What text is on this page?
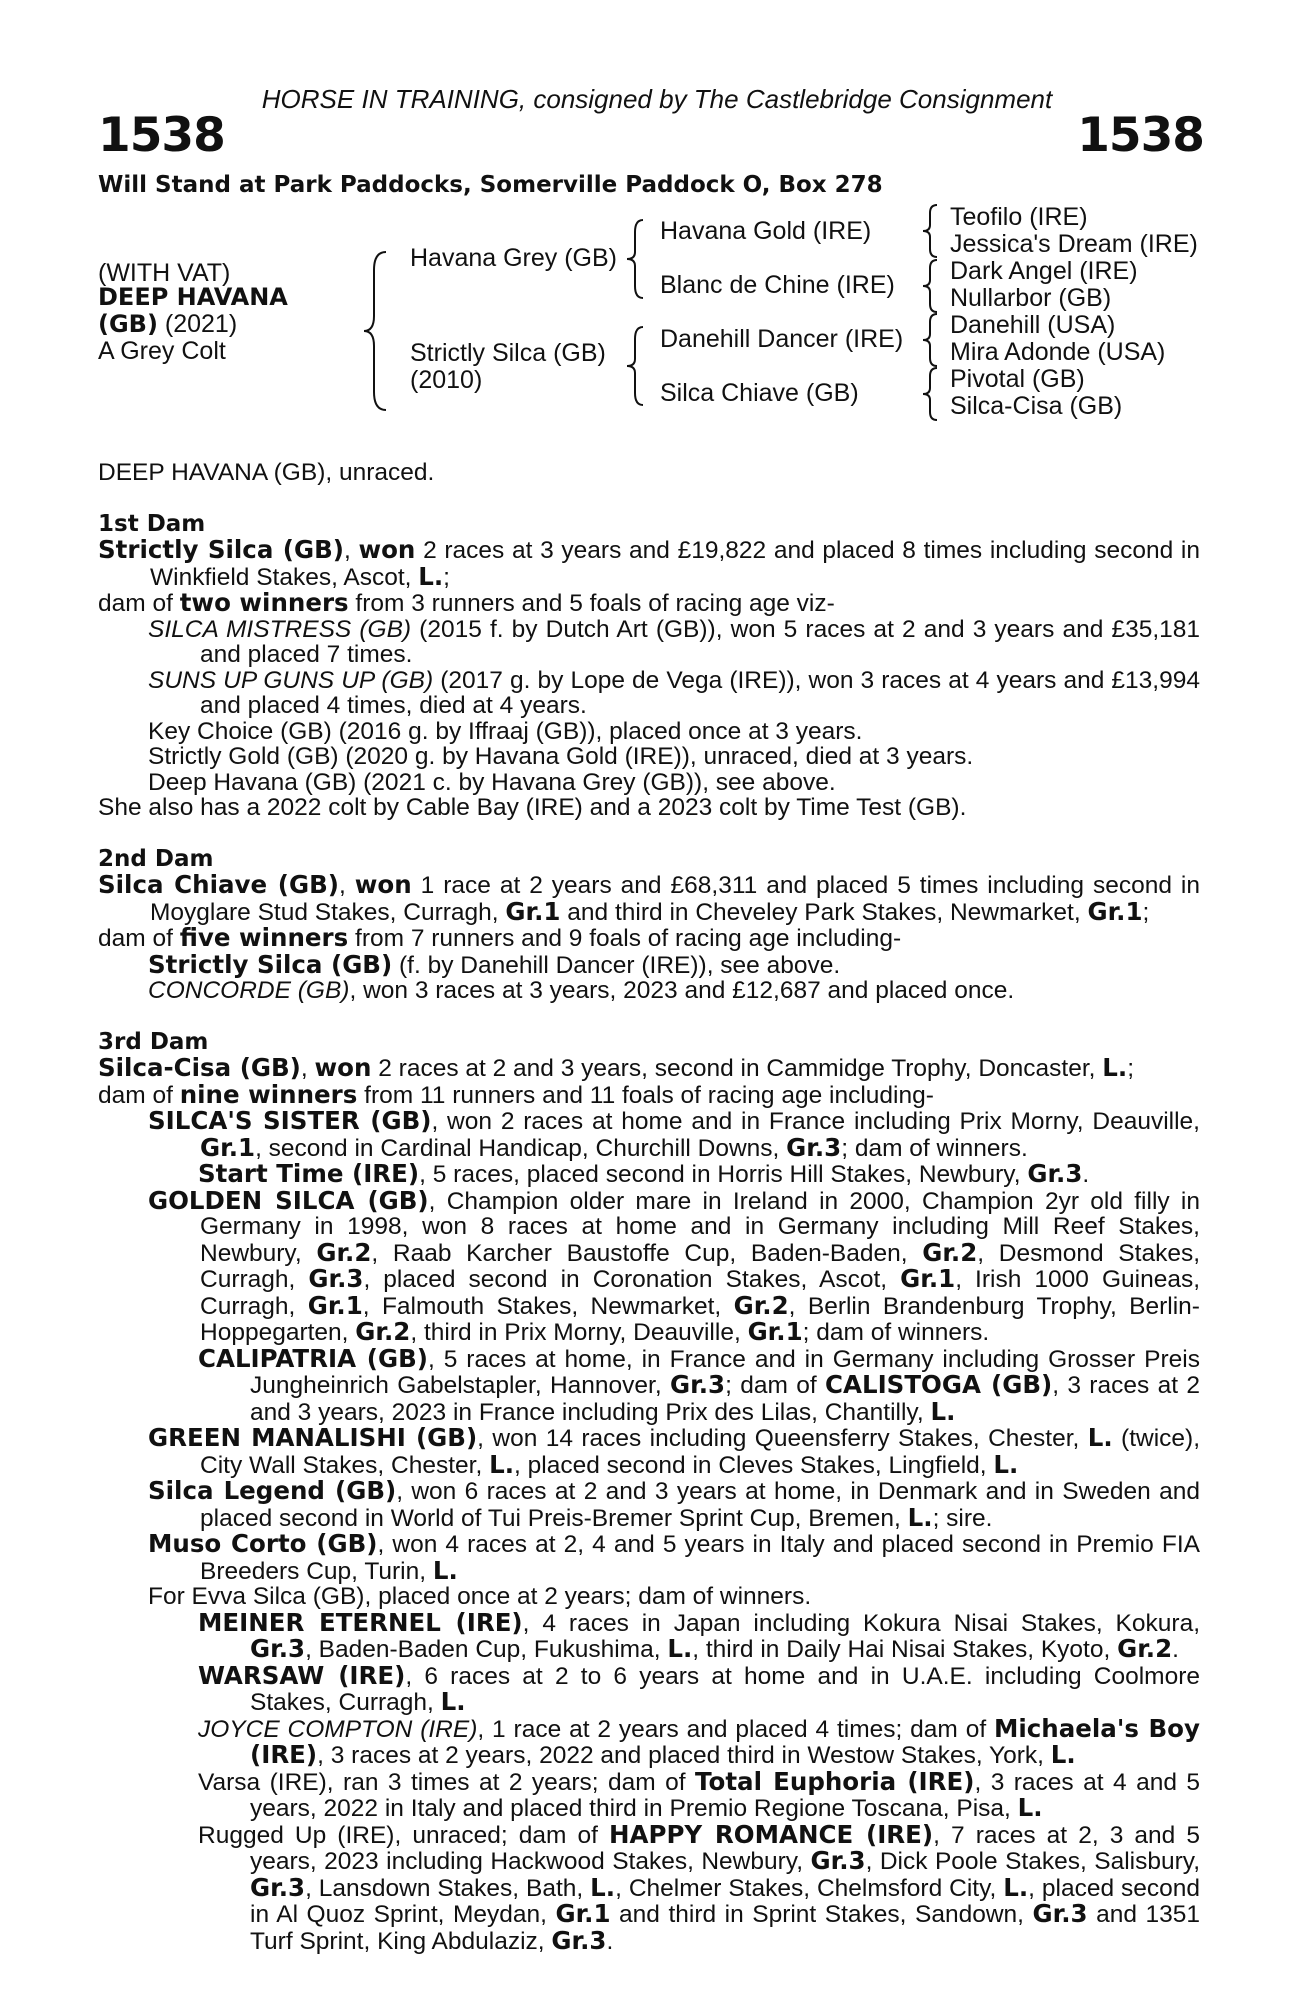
HORSE IN TRAINING, consigned by The Castlebridge Consignment
1538	1538
Will Stand at Park Paddocks, Somerville Paddock O, Box 278
(WITH VAT)
DEEP HAVANA
(GB) (2021)
A Grey Colt
Havana Grey (GB)
Strictly Silca (GB)
(2010)
Havana Gold (IRE)
Blanc de Chine (IRE)
Danehill Dancer (IRE)
Silca Chiave (GB)
Teofilo (IRE)
Jessica's Dream (IRE)
Dark Angel (IRE)
Nullarbor (GB)
Danehill (USA)
Mira Adonde (USA)
Pivotal (GB)
Silca-Cisa (GB)

DEEP HAVANA (GB), unraced.

1st Dam

Strictly Silca (GB), won 2 races at 3 years and £19,822 and placed 8 times including second in Winkfield Stakes, Ascot, L.;

dam of two winners from 3 runners and 5 foals of racing age viz-

SILCA MISTRESS (GB) (2015 f. by Dutch Art (GB)), won 5 races at 2 and 3 years and £35,181 and placed 7 times.

SUNS UP GUNS UP (GB) (2017 g. by Lope de Vega (IRE)), won 3 races at 4 years and £13,994 and placed 4 times, died at 4 years.

Key Choice (GB) (2016 g. by Iffraaj (GB)), placed once at 3 years.

Strictly Gold (GB) (2020 g. by Havana Gold (IRE)), unraced, died at 3 years.

Deep Havana (GB) (2021 c. by Havana Grey (GB)), see above.

She also has a 2022 colt by Cable Bay (IRE) and a 2023 colt by Time Test (GB).

2nd Dam

Silca Chiave (GB), won 1 race at 2 years and £68,311 and placed 5 times including second in Moyglare Stud Stakes, Curragh, Gr.1 and third in Cheveley Park Stakes, Newmarket, Gr.1;

dam of five winners from 7 runners and 9 foals of racing age including-

Strictly Silca (GB) (f. by Danehill Dancer (IRE)), see above.

CONCORDE (GB), won 3 races at 3 years, 2023 and £12,687 and placed once.

3rd Dam

Silca-Cisa (GB), won 2 races at 2 and 3 years, second in Cammidge Trophy, Doncaster, L.;

dam of nine winners from 11 runners and 11 foals of racing age including-

SILCA'S SISTER (GB), won 2 races at home and in France including Prix Morny, Deauville, Gr.1, second in Cardinal Handicap, Churchill Downs, Gr.3; dam of winners.

Start Time (IRE), 5 races, placed second in Horris Hill Stakes, Newbury, Gr.3.

GOLDEN SILCA (GB), Champion older mare in Ireland in 2000, Champion 2yr old filly in Germany in 1998, won 8 races at home and in Germany including Mill Reef Stakes, Newbury, Gr.2, Raab Karcher Baustoffe Cup, Baden-Baden, Gr.2, Desmond Stakes, Curragh, Gr.3, placed second in Coronation Stakes, Ascot, Gr.1, Irish 1000 Guineas, Curragh, Gr.1, Falmouth Stakes, Newmarket, Gr.2, Berlin Brandenburg Trophy, Berlin-Hoppegarten, Gr.2, third in Prix Morny, Deauville, Gr.1; dam of winners.

CALIPATRIA (GB), 5 races at home, in France and in Germany including Grosser Preis Jungheinrich Gabelstapler, Hannover, Gr.3; dam of CALISTOGA (GB), 3 races at 2 and 3 years, 2023 in France including Prix des Lilas, Chantilly, L.

GREEN MANALISHI (GB), won 14 races including Queensferry Stakes, Chester, L. (twice), City Wall Stakes, Chester, L., placed second in Cleves Stakes, Lingfield, L.

Silca Legend (GB), won 6 races at 2 and 3 years at home, in Denmark and in Sweden and placed second in World of Tui Preis-Bremer Sprint Cup, Bremen, L.; sire.

Muso Corto (GB), won 4 races at 2, 4 and 5 years in Italy and placed second in Premio FIA Breeders Cup, Turin, L.

For Evva Silca (GB), placed once at 2 years; dam of winners.

MEINER ETERNEL (IRE), 4 races in Japan including Kokura Nisai Stakes, Kokura, Gr.3, Baden-Baden Cup, Fukushima, L., third in Daily Hai Nisai Stakes, Kyoto, Gr.2.

WARSAW (IRE), 6 races at 2 to 6 years at home and in U.A.E. including Coolmore Stakes, Curragh, L.

JOYCE COMPTON (IRE), 1 race at 2 years and placed 4 times; dam of Michaela's Boy (IRE), 3 races at 2 years, 2022 and placed third in Westow Stakes, York, L.

Varsa (IRE), ran 3 times at 2 years; dam of Total Euphoria (IRE), 3 races at 4 and 5 years, 2022 in Italy and placed third in Premio Regione Toscana, Pisa, L.

Rugged Up (IRE), unraced; dam of HAPPY ROMANCE (IRE), 7 races at 2, 3 and 5 years, 2023 including Hackwood Stakes, Newbury, Gr.3, Dick Poole Stakes, Salisbury, Gr.3, Lansdown Stakes, Bath, L., Chelmer Stakes, Chelmsford City, L., placed second in Al Quoz Sprint, Meydan, Gr.1 and third in Sprint Stakes, Sandown, Gr.3 and 1351 Turf Sprint, King Abdulaziz, Gr.3.
